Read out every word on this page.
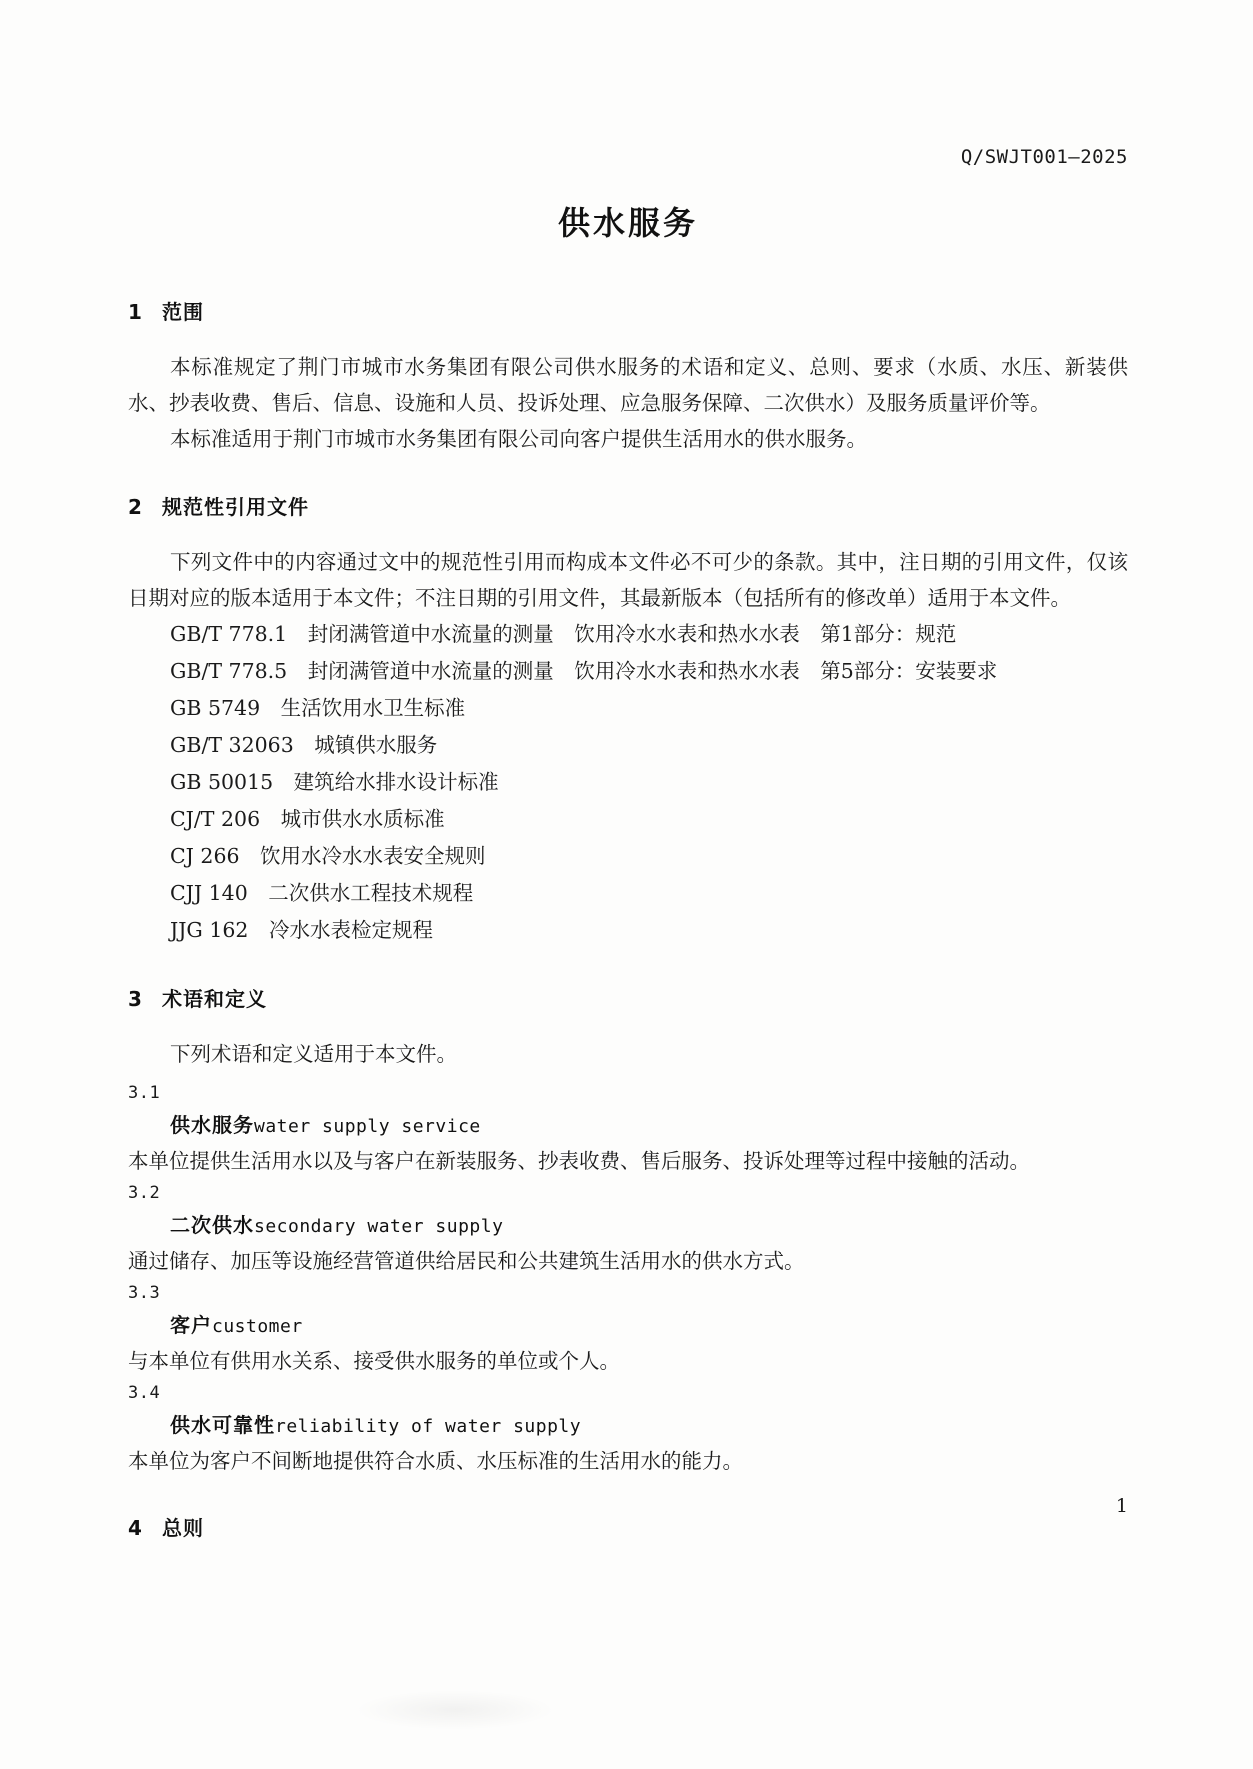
Q/SWJT001—2025
供水服务
1 范围

本标准规定了荆门市城市水务集团有限公司供水服务的术语和定义、总则、要求（水质、水压、新装供水、抄表收费、售后、信息、设施和人员、投诉处理、应急服务保障、二次供水）及服务质量评价等。

本标准适用于荆门市城市水务集团有限公司向客户提供生活用水的供水服务。

2 规范性引用文件

下列文件中的内容通过文中的规范性引用而构成本文件必不可少的条款。其中，注日期的引用文件，仅该日期对应的版本适用于本文件；不注日期的引用文件，其最新版本（包括所有的修改单）适用于本文件。

GB/T 778.1　封闭满管道中水流量的测量　饮用冷水水表和热水水表　第1部分：规范
GB/T 778.5　封闭满管道中水流量的测量　饮用冷水水表和热水水表　第5部分：安装要求
GB 5749　生活饮用水卫生标准
GB/T 32063　城镇供水服务
GB 50015　建筑给水排水设计标准
CJ/T 206　城市供水水质标准
CJ 266　饮用水冷水水表安全规则
CJJ 140　二次供水工程技术规程
JJG 162　冷水水表检定规程
3 术语和定义

下列术语和定义适用于本文件。

3.1
供水服务water supply service
本单位提供生活用水以及与客户在新装服务、抄表收费、售后服务、投诉处理等过程中接触的活动。
3.2
二次供水secondary water supply
通过储存、加压等设施经营管道供给居民和公共建筑生活用水的供水方式。
3.3
客户customer
与本单位有供用水关系、接受供水服务的单位或个人。
3.4
供水可靠性reliability of water supply
本单位为客户不间断地提供符合水质、水压标准的生活用水的能力。
4 总则
1
